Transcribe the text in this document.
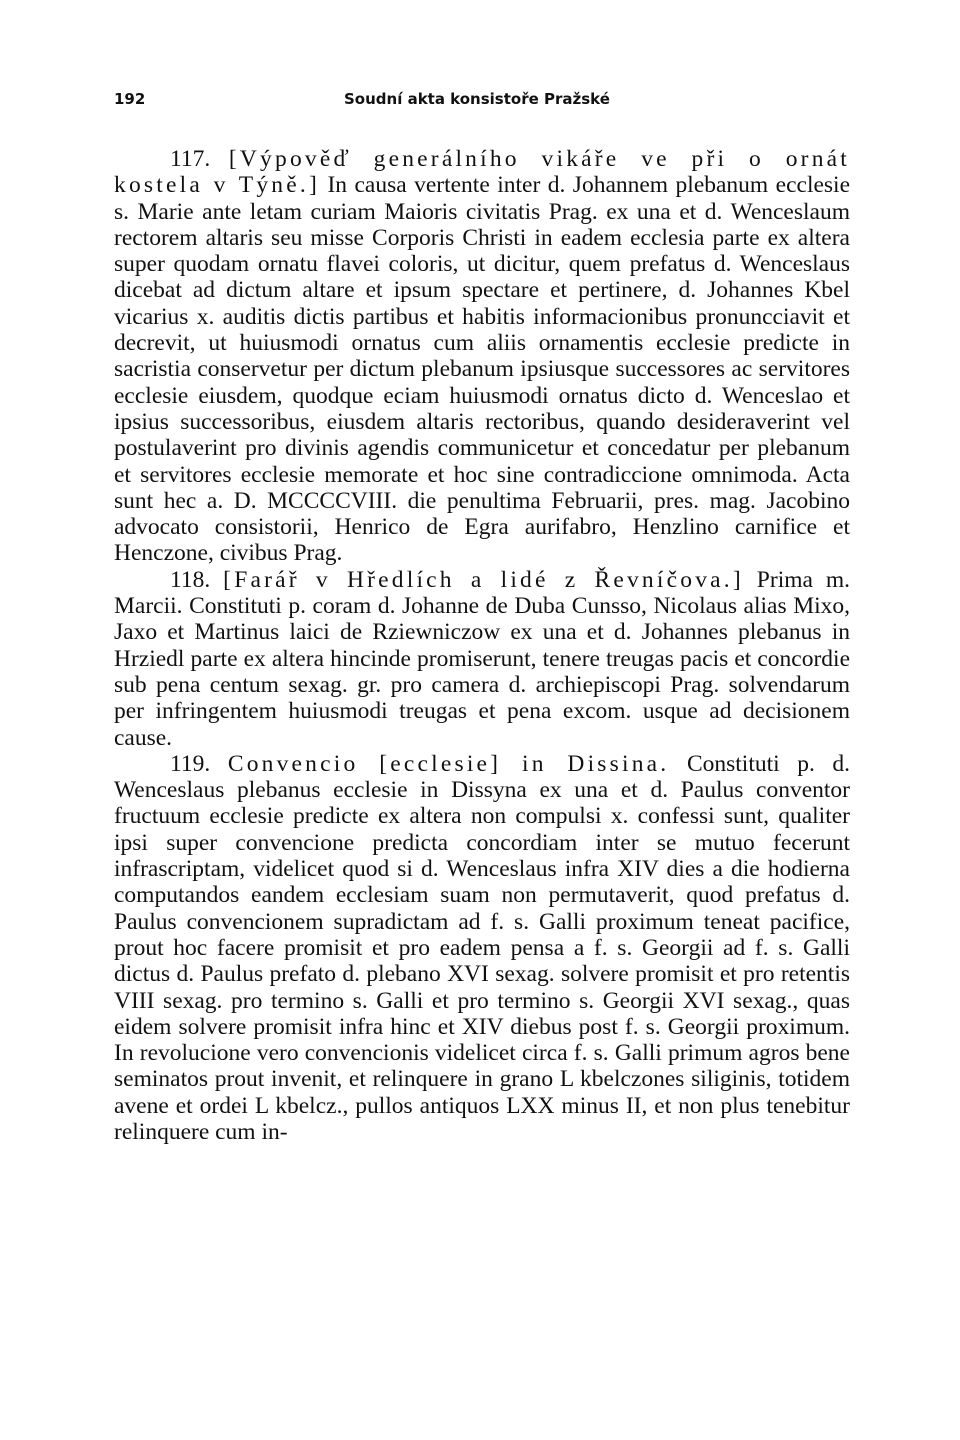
192	Soudní akta konsistoře Pražské

117. [Výpověď generálního vikáře ve při o ornát kostela v Týně.] In causa vertente inter d. Johannem plebanum ecclesie s. Marie ante letam curiam Maioris civitatis Prag. ex una et d. Wenceslaum rectorem altaris seu misse Corporis Christi in eadem ecclesia parte ex altera super quodam ornatu flavei coloris, ut dicitur, quem prefatus d. Wenceslaus dicebat ad dictum altare et ipsum spectare et pertinere, d. Johannes Kbel vicarius x. auditis dictis partibus et habitis informacionibus pronuncciavit et decrevit, ut huiusmodi ornatus cum aliis ornamentis ecclesie predicte in sacristia conservetur per dictum plebanum ipsiusque successores ac servitores ecclesie eiusdem, quodque eciam huiusmodi ornatus dicto d. Wenceslao et ipsius successoribus, eiusdem altaris rectoribus, quando desideraverint vel postulaverint pro divinis agendis communicetur et concedatur per plebanum et servitores ecclesie memorate et hoc sine contradiccione omnimoda. Acta sunt hec a. D. MCCCCVIII. die penultima Februarii, pres. mag. Jacobino advocato consistorii, Henrico de Egra aurifabro, Henzlino carnifice et Henczone, civibus Prag.

118. [Farář v Hředlích a lidé z Řevníčova.] Prima m. Marcii. Constituti p. coram d. Johanne de Duba Cunsso, Nicolaus alias Mixo, Jaxo et Martinus laici de Rziewniczow ex una et d. Johannes plebanus in Hrziedl parte ex altera hincinde promiserunt, tenere treugas pacis et concordie sub pena centum sexag. gr. pro camera d. archiepiscopi Prag. solvendarum per infringentem huiusmodi treugas et pena excom. usque ad decisionem cause.

119. Convencio [ecclesie] in Dissina. Constituti p. d. Wenceslaus plebanus ecclesie in Dissyna ex una et d. Paulus conventor fructuum ecclesie predicte ex altera non compulsi x. confessi sunt, qualiter ipsi super convencione predicta concordiam inter se mutuo fecerunt infrascriptam, videlicet quod si d. Wenceslaus infra XIV dies a die hodierna computandos eandem ecclesiam suam non permutaverit, quod prefatus d. Paulus convencionem supradictam ad f. s. Galli proximum teneat pacifice, prout hoc facere promisit et pro eadem pensa a f. s. Georgii ad f. s. Galli dictus d. Paulus prefato d. plebano XVI sexag. solvere promisit et pro retentis VIII sexag. pro termino s. Galli et pro termino s. Georgii XVI sexag., quas eidem solvere promisit infra hinc et XIV diebus post f. s. Georgii proximum. In revolucione vero convencionis videlicet circa f. s. Galli primum agros bene seminatos prout invenit, et relinquere in grano L kbelczones siliginis, totidem avene et ordei L kbelcz., pullos antiquos LXX minus II, et non plus tenebitur relinquere cum in-
